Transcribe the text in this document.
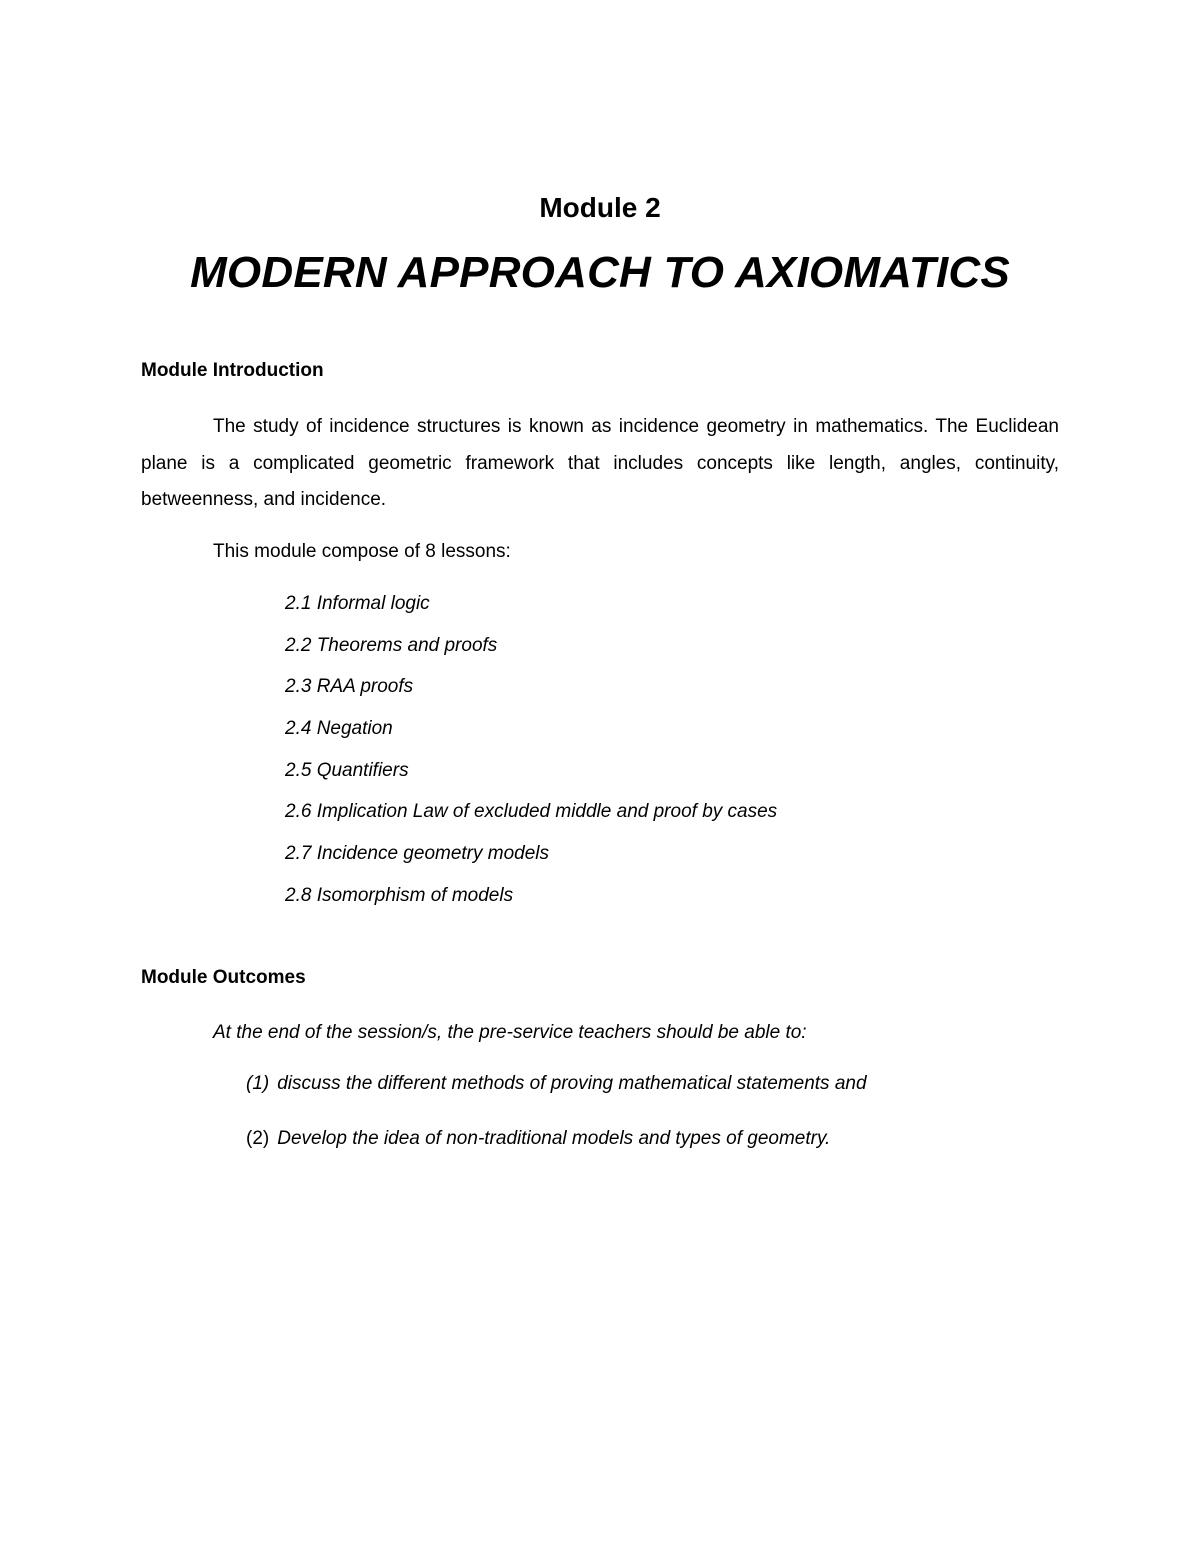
Module 2
MODERN APPROACH TO AXIOMATICS
Module Introduction

The study of incidence structures is known as incidence geometry in mathematics. The Euclidean plane is a complicated geometric framework that includes concepts like length, angles, continuity, betweenness, and incidence.

This module compose of 8 lessons:
2.1 Informal logic
2.2 Theorems and proofs
2.3 RAA proofs
2.4 Negation
2.5 Quantifiers
2.6 Implication Law of excluded middle and proof by cases
2.7 Incidence geometry models
2.8 Isomorphism of models
Module Outcomes
At the end of the session/s, the pre-service teachers should be able to:
(1) discuss the different methods of proving mathematical statements and
(2) Develop the idea of non-traditional models and types of geometry.
